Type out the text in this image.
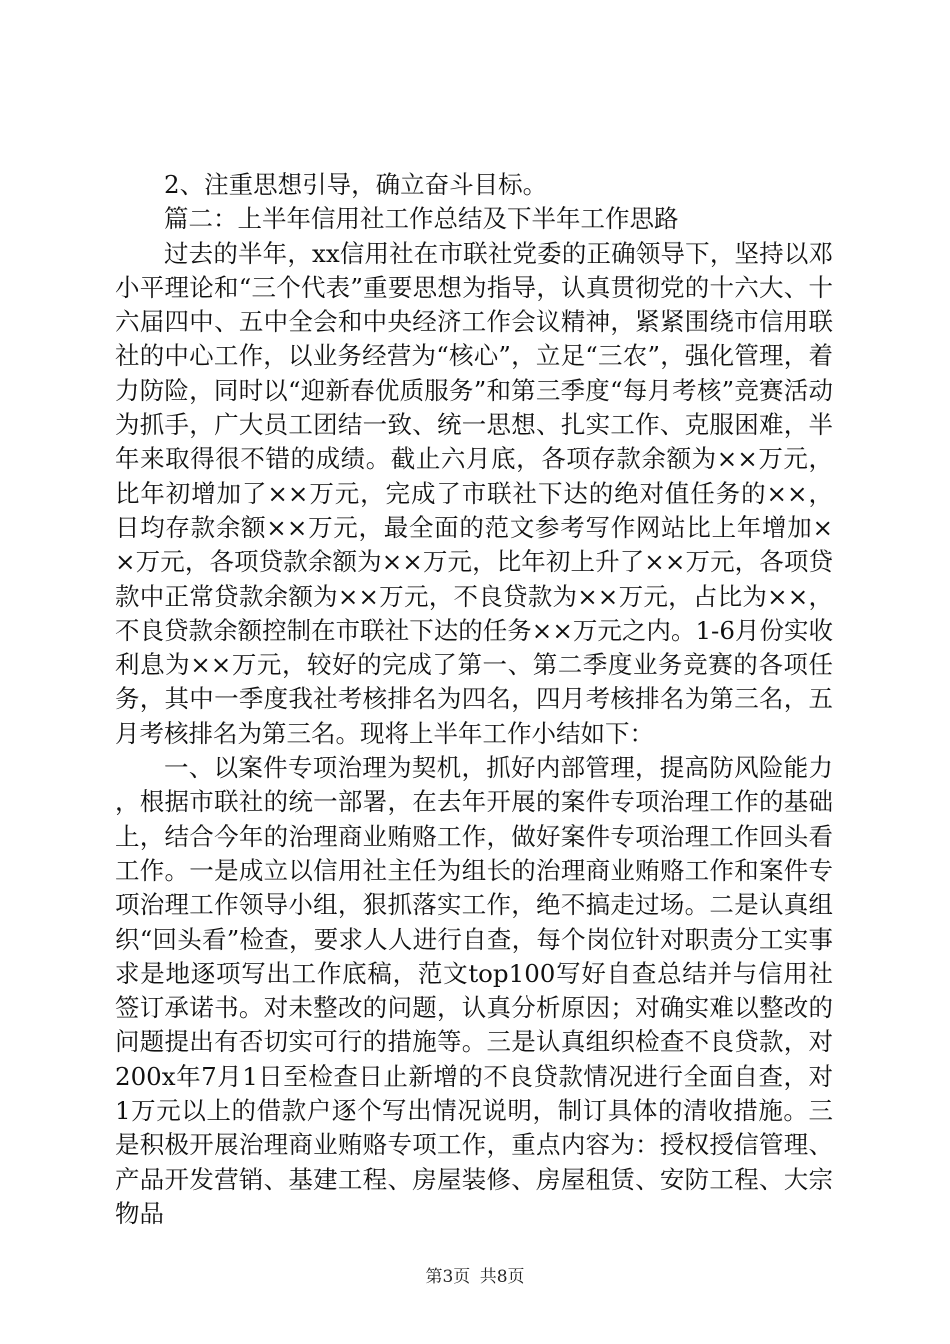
2、注重思想引导，确立奋斗目标。

篇二：上半年信用社工作总结及下半年工作思路

过去的半年，xx信用社在市联社党委的正确领导下，坚持以邓小平理论和“三个代表”重要思想为指导，认真贯彻党的十六大、十六届四中、五中全会和中央经济工作会议精神，紧紧围绕市信用联社的中心工作，以业务经营为“核心”，立足“三农”，强化管理，着力防险，同时以“迎新春优质服务”和第三季度“每月考核”竞赛活动为抓手，广大员工团结一致、统一思想、扎实工作、克服困难，半年来取得很不错的成绩。截止六月底，各项存款余额为××万元，比年初增加了××万元，完成了市联社下达的绝对值任务的××，日均存款余额××万元，最全面的范文参考写作网站比上年增加××万元，各项贷款余额为××万元，比年初上升了××万元，各项贷款中正常贷款余额为××万元，不良贷款为××万元，占比为××，不良贷款余额控制在市联社下达的任务××万元之内。1-6月份实收利息为××万元，较好的完成了第一、第二季度业务竞赛的各项任务，其中一季度我社考核排名为四名，四月考核排名为第三名，五月考核排名为第三名。现将上半年工作小结如下：

一、以案件专项治理为契机，抓好内部管理，提高防风险能力，根据市联社的统一部署，在去年开展的案件专项治理工作的基础上，结合今年的治理商业贿赂工作，做好案件专项治理工作回头看工作。一是成立以信用社主任为组长的治理商业贿赂工作和案件专项治理工作领导小组，狠抓落实工作，绝不搞走过场。二是认真组织“回头看”检查，要求人人进行自查，每个岗位针对职责分工实事求是地逐项写出工作底稿，范文top100写好自查总结并与信用社签订承诺书。对未整改的问题，认真分析原因；对确实难以整改的问题提出有否切实可行的措施等。三是认真组织检查不良贷款，对200x年7月1日至检查日止新增的不良贷款情况进行全面自查，对1万元以上的借款户逐个写出情况说明，制订具体的清收措施。三是积极开展治理商业贿赂专项工作，重点内容为：授权授信管理、产品开发营销、基建工程、房屋装修、房屋租赁、安防工程、大宗物品

第3页 共8页
